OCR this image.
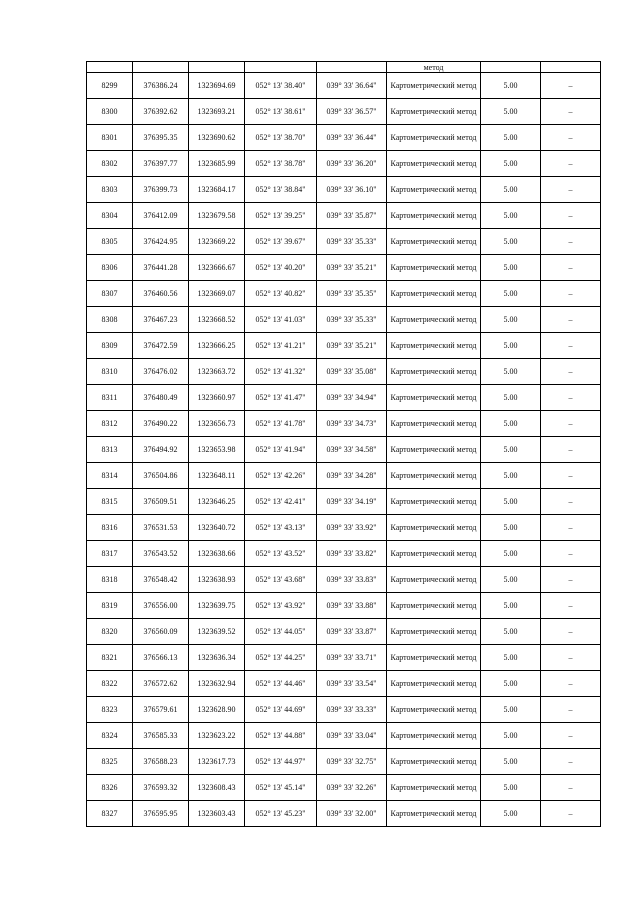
					метод		
8299	376386.24	1323694.69	052° 13' 38.40"	039° 33' 36.64"	Картометрический метод	5.00	–
8300	376392.62	1323693.21	052° 13' 38.61"	039° 33' 36.57"	Картометрический метод	5.00	–
8301	376395.35	1323690.62	052° 13' 38.70"	039° 33' 36.44"	Картометрический метод	5.00	–
8302	376397.77	1323685.99	052° 13' 38.78"	039° 33' 36.20"	Картометрический метод	5.00	–
8303	376399.73	1323684.17	052° 13' 38.84"	039° 33' 36.10"	Картометрический метод	5.00	–
8304	376412.09	1323679.58	052° 13' 39.25"	039° 33' 35.87"	Картометрический метод	5.00	–
8305	376424.95	1323669.22	052° 13' 39.67"	039° 33' 35.33"	Картометрический метод	5.00	–
8306	376441.28	1323666.67	052° 13' 40.20"	039° 33' 35.21"	Картометрический метод	5.00	–
8307	376460.56	1323669.07	052° 13' 40.82"	039° 33' 35.35"	Картометрический метод	5.00	–
8308	376467.23	1323668.52	052° 13' 41.03"	039° 33' 35.33"	Картометрический метод	5.00	–
8309	376472.59	1323666.25	052° 13' 41.21"	039° 33' 35.21"	Картометрический метод	5.00	–
8310	376476.02	1323663.72	052° 13' 41.32"	039° 33' 35.08"	Картометрический метод	5.00	–
8311	376480.49	1323660.97	052° 13' 41.47"	039° 33' 34.94"	Картометрический метод	5.00	–
8312	376490.22	1323656.73	052° 13' 41.78"	039° 33' 34.73"	Картометрический метод	5.00	–
8313	376494.92	1323653.98	052° 13' 41.94"	039° 33' 34.58"	Картометрический метод	5.00	–
8314	376504.86	1323648.11	052° 13' 42.26"	039° 33' 34.28"	Картометрический метод	5.00	–
8315	376509.51	1323646.25	052° 13' 42.41"	039° 33' 34.19"	Картометрический метод	5.00	–
8316	376531.53	1323640.72	052° 13' 43.13"	039° 33' 33.92"	Картометрический метод	5.00	–
8317	376543.52	1323638.66	052° 13' 43.52"	039° 33' 33.82"	Картометрический метод	5.00	–
8318	376548.42	1323638.93	052° 13' 43.68"	039° 33' 33.83"	Картометрический метод	5.00	–
8319	376556.00	1323639.75	052° 13' 43.92"	039° 33' 33.88"	Картометрический метод	5.00	–
8320	376560.09	1323639.52	052° 13' 44.05"	039° 33' 33.87"	Картометрический метод	5.00	–
8321	376566.13	1323636.34	052° 13' 44.25"	039° 33' 33.71"	Картометрический метод	5.00	–
8322	376572.62	1323632.94	052° 13' 44.46"	039° 33' 33.54"	Картометрический метод	5.00	–
8323	376579.61	1323628.90	052° 13' 44.69"	039° 33' 33.33"	Картометрический метод	5.00	–
8324	376585.33	1323623.22	052° 13' 44.88"	039° 33' 33.04"	Картометрический метод	5.00	–
8325	376588.23	1323617.73	052° 13' 44.97"	039° 33' 32.75"	Картометрический метод	5.00	–
8326	376593.32	1323608.43	052° 13' 45.14"	039° 33' 32.26"	Картометрический метод	5.00	–
8327	376595.95	1323603.43	052° 13' 45.23"	039° 33' 32.00"	Картометрический метод	5.00	–
